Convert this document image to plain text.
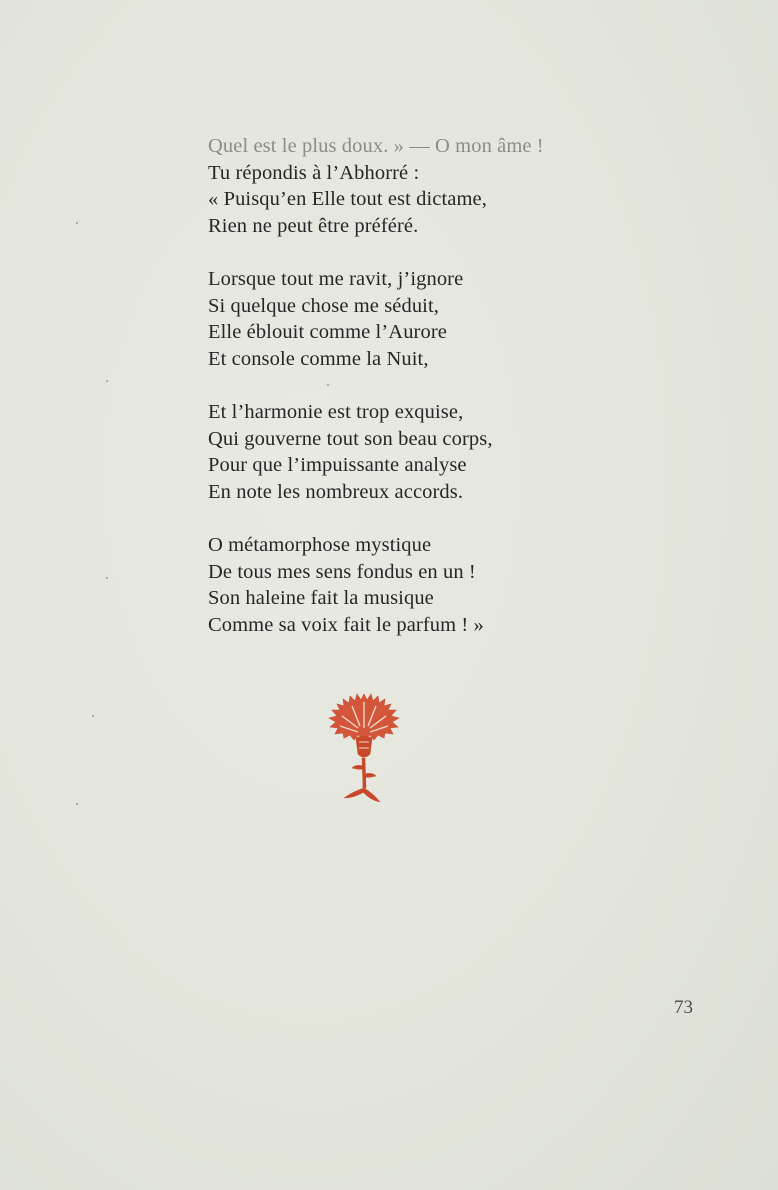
Quel est le plus doux. » — O mon âme !
Tu répondis à l’Abhorré :
« Puisqu’en Elle tout est dictame,
Rien ne peut être préféré.
Lorsque tout me ravit, j’ignore
Si quelque chose me séduit,
Elle éblouit comme l’Aurore
Et console comme la Nuit,
Et l’harmonie est trop exquise,
Qui gouverne tout son beau corps,
Pour que l’impuissante analyse
En note les nombreux accords.
O métamorphose mystique
De tous mes sens fondus en un !
Son haleine fait la musique
Comme sa voix fait le parfum ! »
73
